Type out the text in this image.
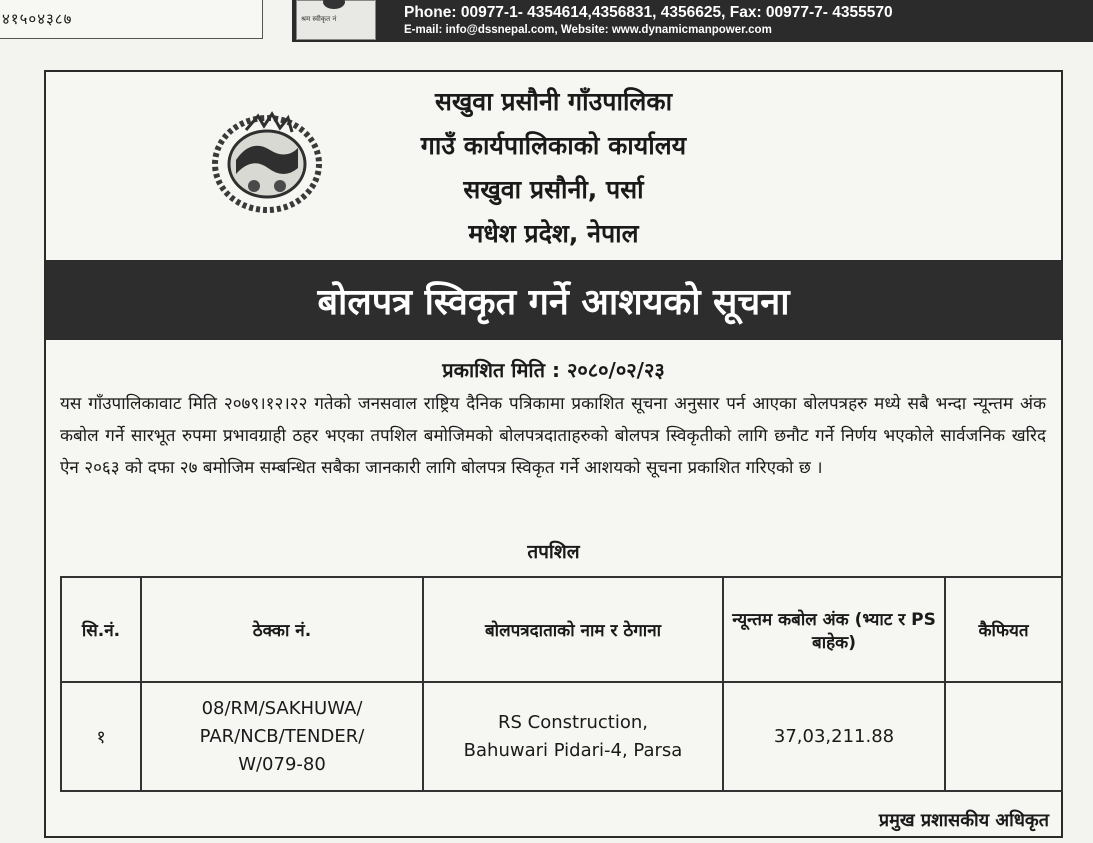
४१५०४३८७	श्रम स्वीकृत नं	Phone: 00977-1- 4354614,4356831, 4356625, Fax: 00977-7- 4355570
E-mail: info@dssnepal.com, Website: www.dynamicmanpower.com
सखुवा प्रसौनी गाँउपालिका
गाउँ कार्यपालिकाको कार्यालय
सखुवा प्रसौनी, पर्सा
मधेश प्रदेश, नेपाल
बोलपत्र स्विकृत गर्ने आशयको सूचना
प्रकाशित मिति : २०८०/०२/२३
यस गाँउपालिकावाट मिति २०७९।१२।२२ गतेको जनसवाल राष्ट्रिय दैनिक पत्रिकामा प्रकाशित सूचना अनुसार पर्न आएका बोलपत्रहरु मध्ये सबै भन्दा न्यून्तम अंक कबोल गर्ने सारभूत रुपमा प्रभावग्राही ठहर भएका तपशिल बमोजिमको बोलपत्रदाताहरुको बोलपत्र स्विकृतीको लागि छनौट गर्ने निर्णय भएकोले सार्वजनिक खरिद ऐन २०६३ को दफा २७ बमोजिम सम्बन्धित सबैका जानकारी लागि बोलपत्र स्विकृत गर्ने आशयको सूचना प्रकाशित गरिएको छ ।
तपशिल
सि.नं.	ठेक्का नं.	बोलपत्रदाताको नाम र ठेगाना	न्यून्तम कबोल अंक (भ्याट र PS बाहेक)	कैफियत
१	08/RM/SAKHUWA/
PAR/NCB/TENDER/
W/079-80	RS Construction,
Bahuwari Pidari-4, Parsa	37,03,211.88	
प्रमुख प्रशासकीय अधिकृत
